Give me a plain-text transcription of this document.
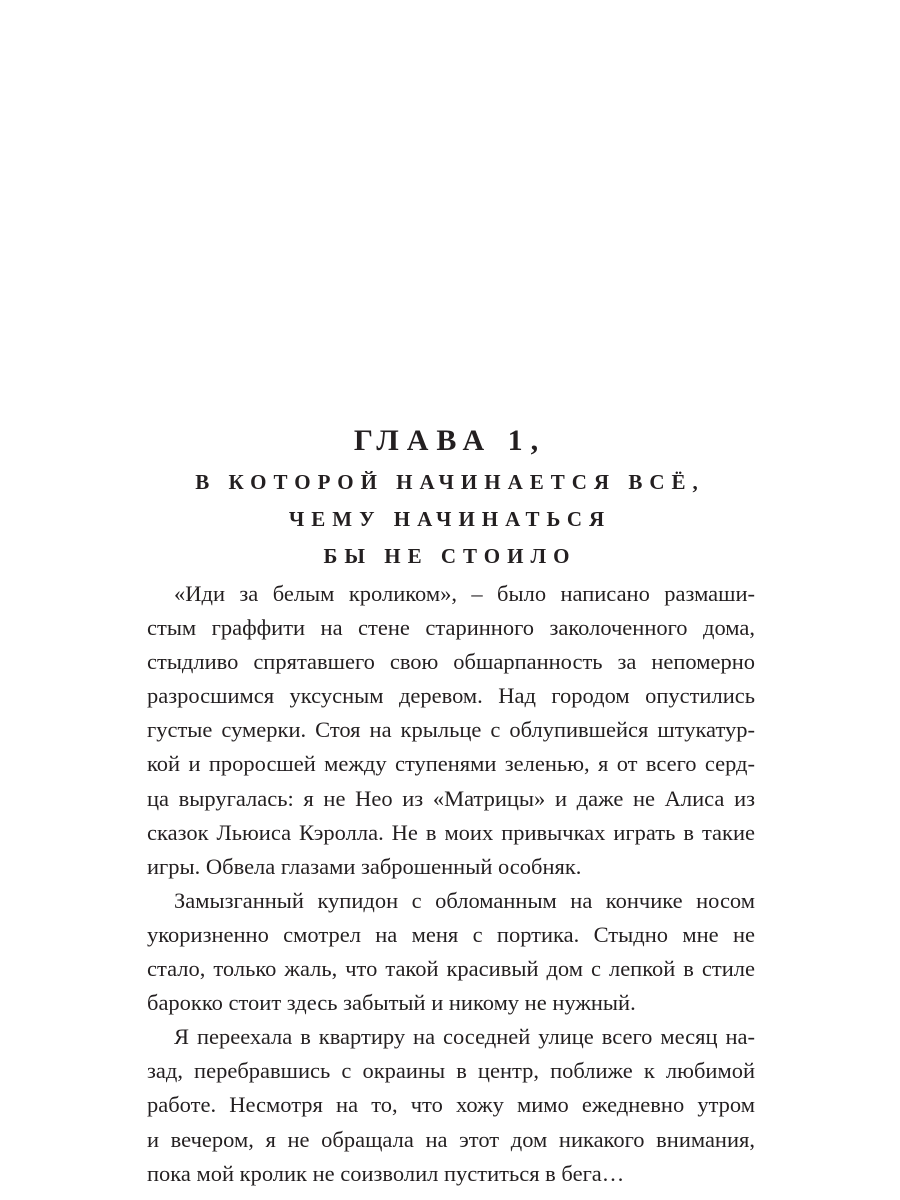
ГЛАВА 1,
В КОТОРОЙ НАЧИНАЕТСЯ ВСЁ,
ЧЕМУ НАЧИНАТЬСЯ
БЫ НЕ СТОИЛО
«Иди за белым кроликом», – было написано размаши-
стым граффити на стене старинного заколоченного дома,
стыдливо спрятавшего свою обшарпанность за непомерно
разросшимся уксусным деревом. Над городом опустились
густые сумерки. Стоя на крыльце с облупившейся штукатур-
кой и проросшей между ступенями зеленью, я от всего серд-
ца выругалась: я не Нео из «Матрицы» и даже не Алиса из
сказок Льюиса Кэролла. Не в моих привычках играть в такие
игры. Обвела глазами заброшенный особняк.
Замызганный купидон с обломанным на кончике носом
укоризненно смотрел на меня с портика. Стыдно мне не
стало, только жаль, что такой красивый дом с лепкой в стиле
барокко стоит здесь забытый и никому не нужный.
Я переехала в квартиру на соседней улице всего месяц на-
зад, перебравшись с окраины в центр, поближе к любимой
работе. Несмотря на то, что хожу мимо ежедневно утром
и вечером, я не обращала на этот дом никакого внимания,
пока мой кролик не соизволил пуститься в бега…
